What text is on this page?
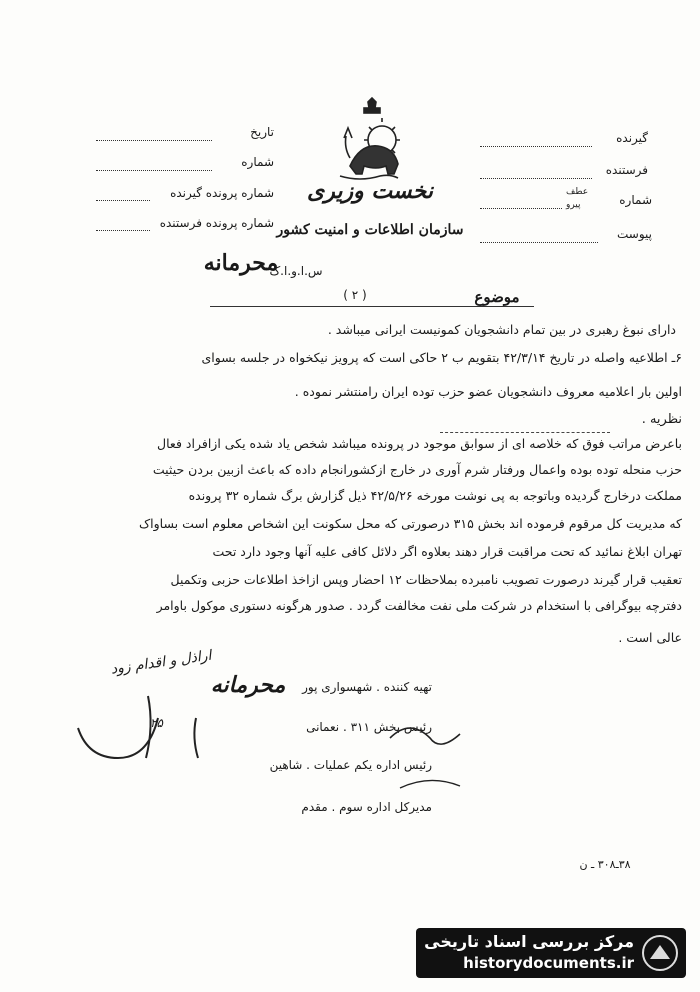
تاریخ
شماره
شماره پرونده گیرنده
شماره پرونده فرستنده
گیرنده
فرستنده
شماره
عطف
پیرو
پیوست
نخست وزیری
سازمان اطلاعات و امنیت کشور
س.ا.و.ا.ک
محرمانه
( ۲ )	موضوع
دارای نبوغ رهبری در بین تمام دانشجویان کمونیست ایرانی میباشد .
۶ـ اطلاعیه واصله در تاریخ ۴۲/۳/۱۴ بتقویم ب ۲ حاکی است که پرویز نیکخواه در جلسه بسوای
اولین بار اعلامیه معروف دانشجویان عضو حزب توده ایران رامنتشر نموده .
نظریه .
باعرض مراتب فوق که خلاصه ای از سوابق موجود در پرونده میباشد شخص یاد شده یکی ازافراد فعال
حزب منحله توده بوده واعمال ورفتار شرم آوری در خارج ازکشورانجام داده که باعث ازبین بردن حیثیت
مملکت درخارج گردیده وباتوجه به پی نوشت مورخه ۴۲/۵/۲۶ ذیل گزارش برگ شماره ۳۲ پرونده
که مدیریت کل مرقوم فرموده اند بخش ۳۱۵ درصورتی که محل سکونت این اشخاص معلوم است بساواک
تهران ابلاغ نمائید که تحت مراقبت قرار دهند بعلاوه اگر دلائل کافی علیه آنها وجود دارد تحت
تعقیب قرار گیرند درصورت تصویب نامبرده بملاحظات ۱۲ احضار وپس ازاخذ اطلاعات حزبی وتکمیل
دفترچه بیوگرافی با استخدام در شرکت ملی نفت مخالفت گردد . صدور هرگونه دستوری موکول باوامر
عالی است .
اراذل و اقدام زود
۲۵
محرمانه	تهیه کننده . شهسواری پور
رئیس بخش ۳۱۱ . نعمانی
رئیس اداره یکم عملیات . شاهین
مدیرکل اداره سوم . مقدم
۳۸ـ۳۰۸ ـ ن
مرکز بررسی اسناد تاریخی
historydocuments.ir
